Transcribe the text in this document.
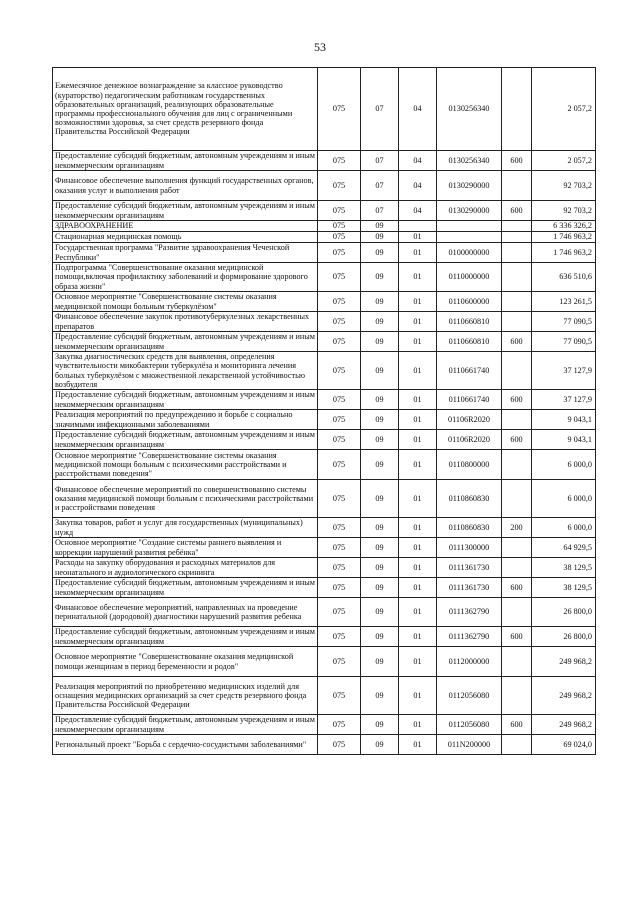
53
Ежемесячное денежное вознаграждение за классное руководство (кураторство) педагогическим работникам государственных образовательных организаций, реализующих образовательные программы профессионального обучения для лиц с ограниченными возможностями здоровья, за счет средств резервного фонда Правительства Российской Федерации	075	07	04	0130256340		2 057,2
Предоставление субсидий бюджетным, автономным учреждениям и иным некоммерческим организациям	075	07	04	0130256340	600	2 057,2
Финансовое обеспечение выполнения функций государственных органов, оказания услуг и выполнения работ	075	07	04	0130290000		92 703,2
Предоставление субсидий бюджетным, автономным учреждениям и иным некоммерческим организациям	075	07	04	0130290000	600	92 703,2
ЗДРАВООХРАНЕНИЕ	075	09				6 336 326,2
Стационарная медицинская помощь	075	09	01			1 746 963,2
Государственная программа "Развитие здравоохранения Чеченской Республики"	075	09	01	0100000000		1 746 963,2
Подпрограмма "Совершенствование оказания медицинской помощи,включая профилактику заболеваний и формирование здорового образа жизни"	075	09	01	0110000000		636 510,6
Основное мероприятие "Совершенствование системы оказания медицинской помощи больным туберкулёзом"	075	09	01	0110600000		123 261,5
Финансовое обеспечение закупок противотуберкулезных лекарственных препаратов	075	09	01	0110660810		77 090,5
Предоставление субсидий бюджетным, автономным учреждениям и иным некоммерческим организациям	075	09	01	0110660810	600	77 090,5
Закупка диагностических средств для выявления, определения чувствительности микобактерии туберкулёза и мониторинга лечения больных туберкулёзом с множественной лекарственной устойчивостью возбудителя	075	09	01	0110661740		37 127,9
Предоставление субсидий бюджетным, автономным учреждениям и иным некоммерческим организациям	075	09	01	0110661740	600	37 127,9
Реализация мероприятий по предупреждению и борьбе с социально значимыми инфекционными заболеваниями	075	09	01	01106R2020		9 043,1
Предоставление субсидий бюджетным, автономным учреждениям и иным некоммерческим организациям	075	09	01	01106R2020	600	9 043,1
Основное мероприятие "Совершенствование системы оказания медицинской помощи больным с психическими расстройствами и расстройствами поведения"	075	09	01	0110800000		6 000,0
Финансовое обеспечение мероприятий по совершенствованию системы оказания медицинской помощи больным с психическими расстройствами и расстройствами поведения	075	09	01	0110860830		6 000,0
Закупка товаров, работ и услуг для государственных (муниципальных) нужд	075	09	01	0110860830	200	6 000,0
Основное мероприятие "Создание системы раннего выявления и коррекции нарушений развития ребёнка"	075	09	01	0111300000		64 929,5
Расходы на закупку оборудования и расходных материалов для неонатального и аудиологического скрининга	075	09	01	0111361730		38 129,5
Предоставление субсидий бюджетным, автономным учреждениям и иным некоммерческим организациям	075	09	01	0111361730	600	38 129,5
Финансовое обеспечение мероприятий, направленных на проведение перинатальной (дородовой) диагностики нарушений развития ребенка	075	09	01	0111362790		26 800,0
Предоставление субсидий бюджетным, автономным учреждениям и иным некоммерческим организациям	075	09	01	0111362790	600	26 800,0
Основное мероприятие "Совершенствование оказания медицинской помощи женщинам в период беременности и родов"	075	09	01	0112000000		249 968,2
Реализация мероприятий по приобретению медицинских изделий для оснащения медицинских организаций за счет средств резервного фонда Правительства Российской Федерации	075	09	01	0112056080		249 968,2
Предоставление субсидий бюджетным, автономным учреждениям и иным некоммерческим организациям	075	09	01	0112056080	600	249 968,2
Региональный проект "Борьба с сердечно-сосудистыми заболеваниями"	075	09	01	011N200000		69 024,0
